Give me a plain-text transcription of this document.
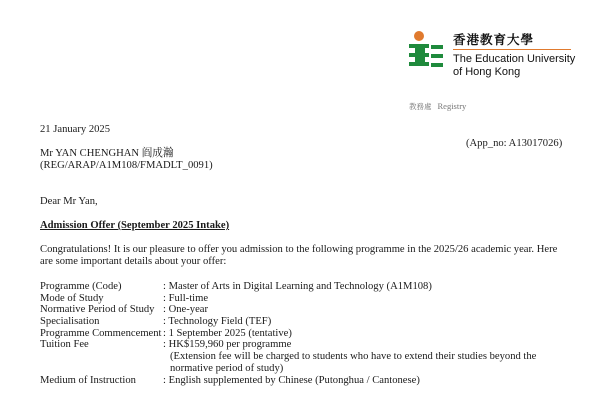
香港教育大學
The Education University
of Hong Kong
教務處 Registry
21 January 2025
(App_no: A13017026)
Mr YAN CHENGHAN 阎成瀚
(REG/ARAP/A1M108/FMADLT_0091)
Dear Mr Yan,
Admission Offer (September 2025 Intake)
Congratulations! It is our pleasure to offer you admission to the following programme in the 2025/26 academic year. Here
are some important details about your offer:
Programme (Code)	: Master of Arts in Digital Learning and Technology (A1M108)
Mode of Study	: Full-time
Normative Period of Study : One-year
Specialisation	: Technology Field (TEF)
Programme Commencement : 1 September 2025 (tentative)
Tuition Fee	: HK$159,960 per programme
(Extension fee will be charged to students who have to extend their studies beyond the
normative period of study)
Medium of Instruction	: English supplemented by Chinese (Putonghua / Cantonese)
